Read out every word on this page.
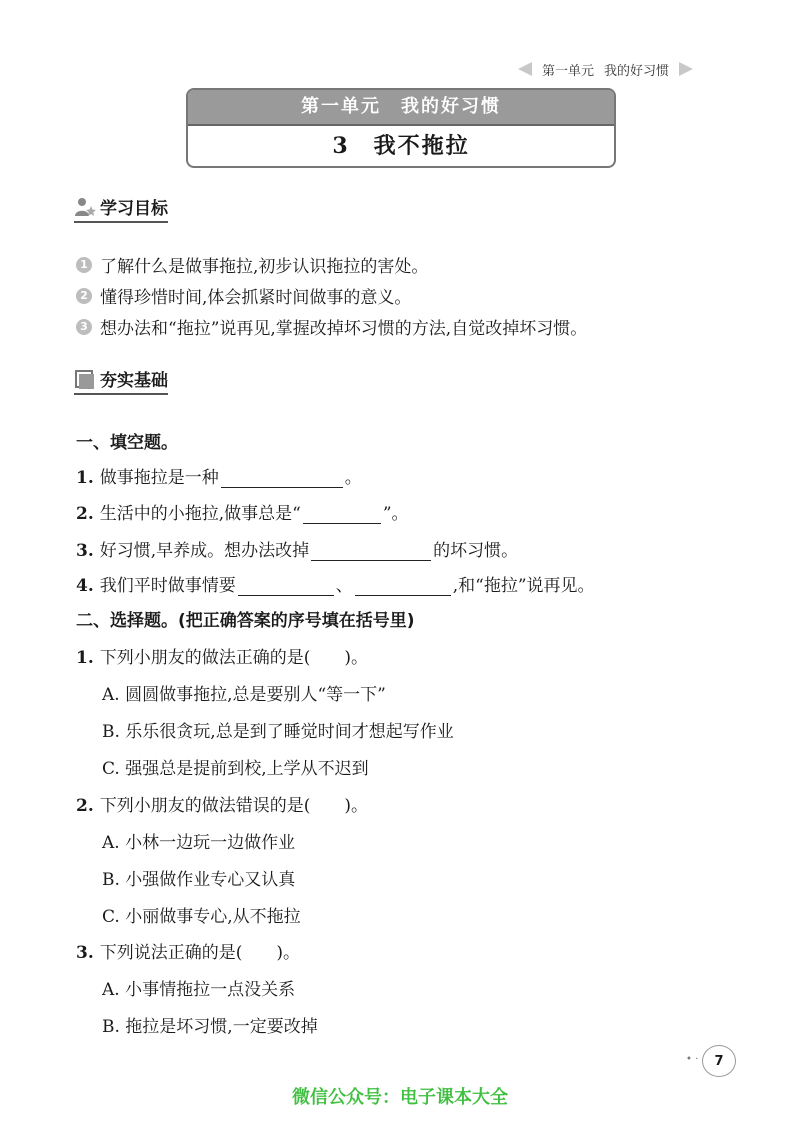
第一单元 我的好习惯
第一单元　我的好习惯
3　我不拖拉
学习目标
1 了解什么是做事拖拉,初步认识拖拉的害处。
2 懂得珍惜时间,体会抓紧时间做事的意义。
3 想办法和“拖拉”说再见,掌握改掉坏习惯的方法,自觉改掉坏习惯。
夯实基础
一、填空题。
1. 做事拖拉是一种	。
2. 生活中的小拖拉,做事总是“	”。
3. 好习惯,早养成。想办法改掉	的坏习惯。
4. 我们平时做事情要	、	,和“拖拉”说再见。
二、选择题。(把正确答案的序号填在括号里)
1. 下列小朋友的做法正确的是(　　)。
A. 圆圆做事拖拉,总是要别人“等一下”
B. 乐乐很贪玩,总是到了睡觉时间才想起写作业
C. 强强总是提前到校,上学从不迟到
2. 下列小朋友的做法错误的是(　　)。
A. 小林一边玩一边做作业
B. 小强做作业专心又认真
C. 小丽做事专心,从不拖拉
3. 下列说法正确的是(　　)。
A. 小事情拖拉一点没关系
B. 拖拉是坏习惯,一定要改掉
• ·	7
微信公众号：电子课本大全
